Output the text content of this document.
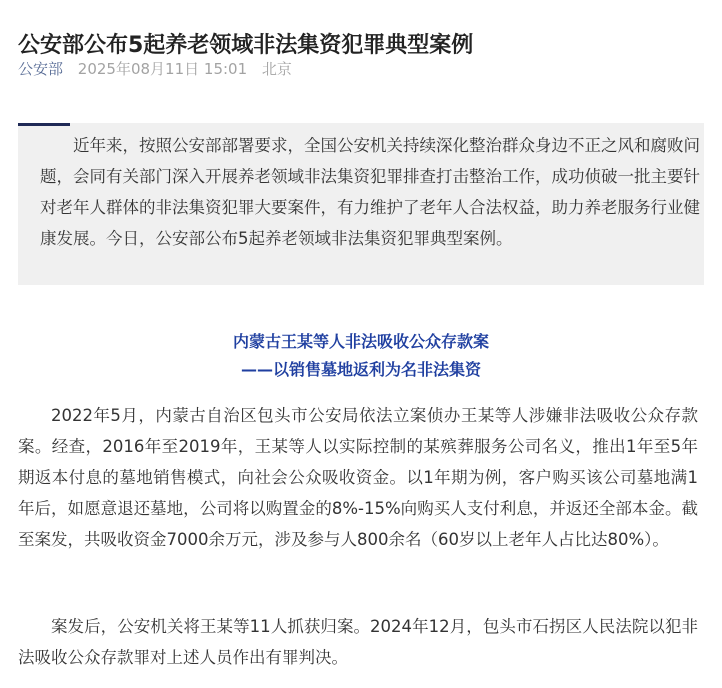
公安部公布5起养老领域非法集资犯罪典型案例
公安部 2025年08月11日 15:01 北京

近年来，按照公安部部署要求，全国公安机关持续深化整治群众身边不正之风和腐败问题，会同有关部门深入开展养老领域非法集资犯罪排查打击整治工作，成功侦破一批主要针对老年人群体的非法集资犯罪大要案件，有力维护了老年人合法权益，助力养老服务行业健康发展。今日，公安部公布5起养老领域非法集资犯罪典型案例。

内蒙古王某等人非法吸收公众存款案
——以销售墓地返利为名非法集资

2022年5月，内蒙古自治区包头市公安局依法立案侦办王某等人涉嫌非法吸收公众存款案。经查，2016年至2019年，王某等人以实际控制的某殡葬服务公司名义，推出1年至5年期返本付息的墓地销售模式，向社会公众吸收资金。以1年期为例，客户购买该公司墓地满1年后，如愿意退还墓地，公司将以购置金的8%-15%向购买人支付利息，并返还全部本金。截至案发，共吸收资金7000余万元，涉及参与人800余名（60岁以上老年人占比达80%）。

案发后，公安机关将王某等11人抓获归案。2024年12月，包头市石拐区人民法院以犯非法吸收公众存款罪对上述人员作出有罪判决。
